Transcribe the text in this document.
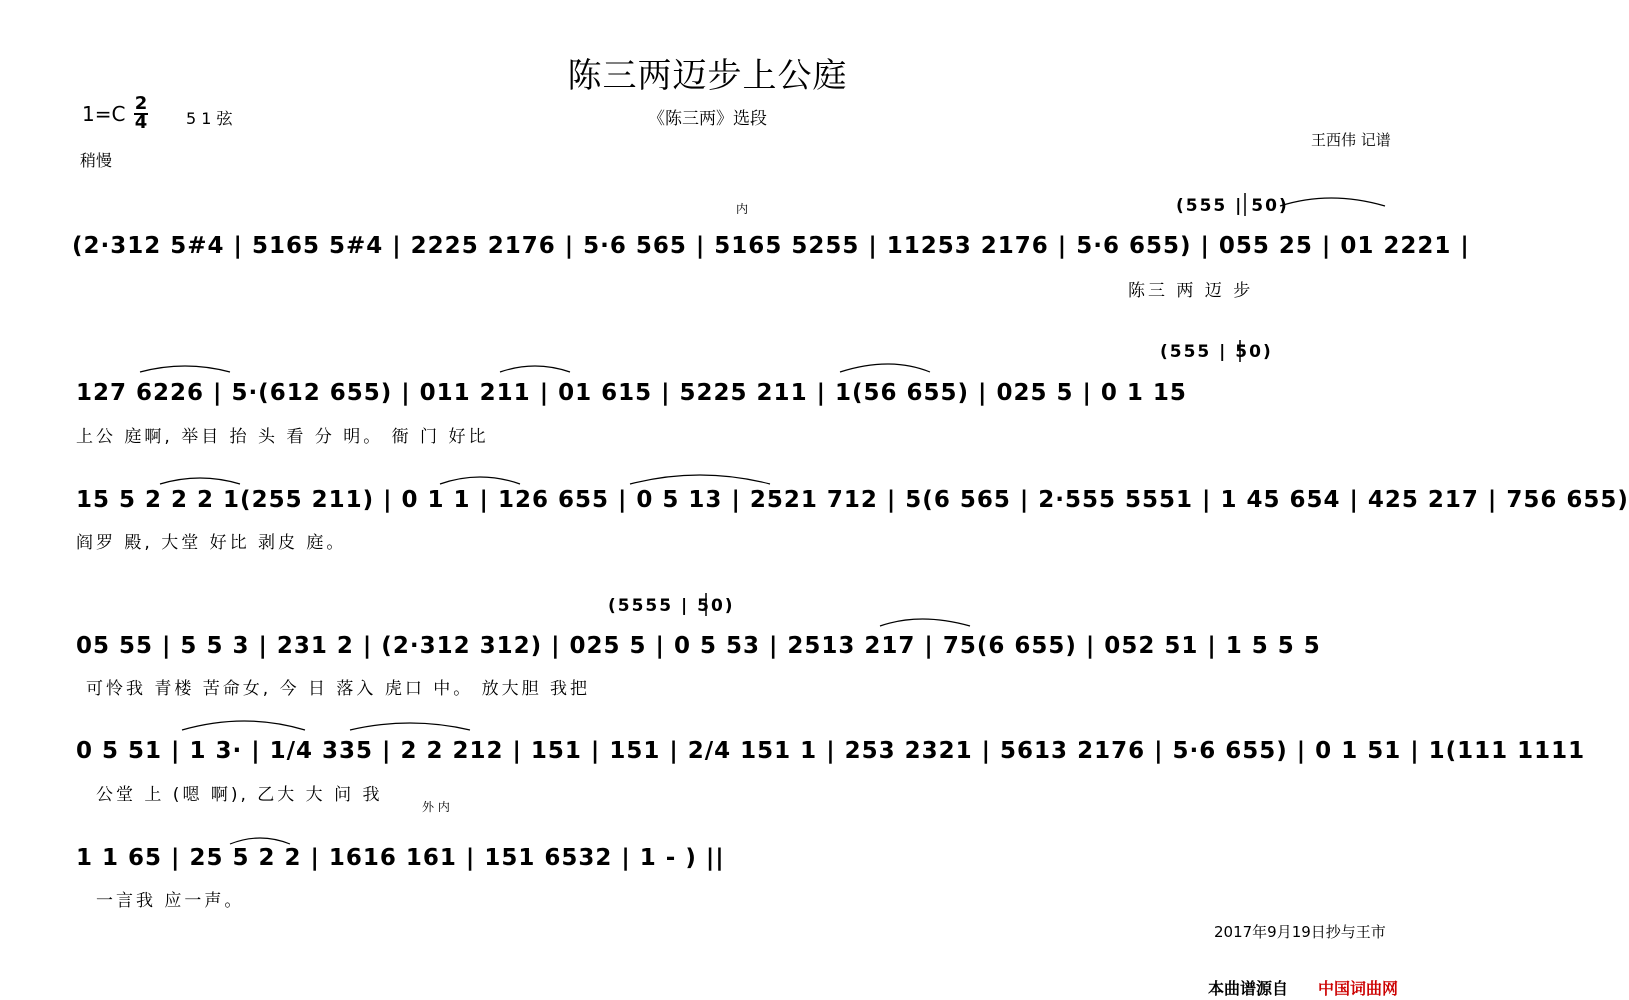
陈三两迈步上公庭
《陈三两》选段
1=C 2
4 5 1 弦
稍慢
王西伟 记谱
(555 | 50)
内
(2·312 5#4 | 5165 5#4 | 2225 2176 | 5·6 565 | 5165 5255 | 11253 2176 | 5·6 655) | 055 25 | 01 2221 |
陈三 两 迈 步
(555 | 50)
127 6226 | 5·(612 655) | 011 211 | 01 615 | 5225 211 | 1(56 655) | 025 5 | 0 1 15
上公 庭啊, 举目 抬 头 看 分 明。 衙 门 好比
15 5 2 2 2 1(255 211) | 0 1 1 | 126 655 | 0 5 13 | 2521 712 | 5(6 565 | 2·555 5551 | 1 45 654 | 425 217 | 756 655)
阎罗 殿, 大堂 好比 剥皮 庭。
(5555 | 50)
05 55 | 5 5 3 | 231 2 | (2·312 312) | 025 5 | 0 5 53 | 2513 217 | 75(6 655) | 052 51 | 1 5 5 5
可怜我 青楼 苦命女, 今 日 落入 虎口 中。 放大胆 我把
0 5 51 | 1 3· | 1/4 335 | 2 2 212 | 151 | 151 | 2/4 151 1 | 253 2321 | 5613 2176 | 5·6 655) | 0 1 51 | 1(111 1111
公堂 上 (嗯 啊), 乙大 大 问 我
外 内
1 1 65 | 25 5 2 2 | 1616 161 | 151 6532 | 1 - ) ||
一言我 应一声。
2017年9月19日抄与王市
本曲谱源自 中国词曲网
